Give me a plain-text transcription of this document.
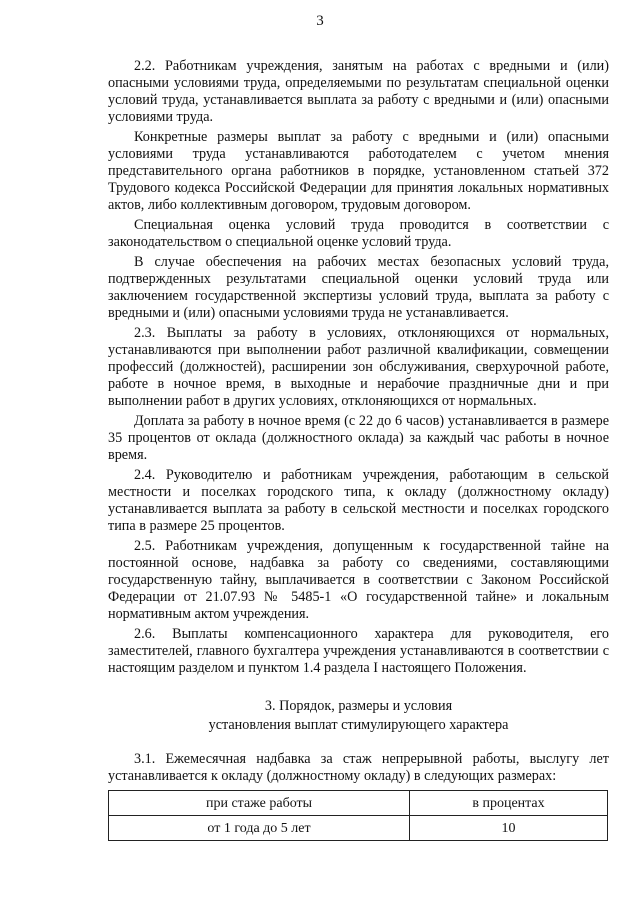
3

2.2. Работникам учреждения, занятым на работах с вредными и (или) опасными условиями труда, определяемыми по результатам специальной оценки условий труда, устанавливается выплата за работу с вредными и (или) опасными условиями труда.

Конкретные размеры выплат за работу с вредными и (или) опасными условиями труда устанавливаются работодателем с учетом мнения представительного органа работников в порядке, установленном статьей 372 Трудового кодекса Российской Федерации для принятия локальных нормативных актов, либо коллективным договором, трудовым договором.

Специальная оценка условий труда проводится в соответствии с законодательством о специальной оценке условий труда.

В случае обеспечения на рабочих местах безопасных условий труда, подтвержденных результатами специальной оценки условий труда или заключением государственной экспертизы условий труда, выплата за работу с вредными и (или) опасными условиями труда не устанавливается.

2.3. Выплаты за работу в условиях, отклоняющихся от нормальных, устанавливаются при выполнении работ различной квалификации, совмещении профессий (должностей), расширении зон обслуживания, сверхурочной работе, работе в ночное время, в выходные и нерабочие праздничные дни и при выполнении работ в других условиях, отклоняющихся от нормальных.

Доплата за работу в ночное время (с 22 до 6 часов) устанавливается в размере 35 процентов от оклада (должностного оклада) за каждый час работы в ночное время.

2.4. Руководителю и работникам учреждения, работающим в сельской местности и поселках городского типа, к окладу (должностному окладу) устанавливается выплата за работу в сельской местности и поселках городского типа в размере 25 процентов.

2.5. Работникам учреждения, допущенным к государственной тайне на постоянной основе, надбавка за работу со сведениями, составляющими государственную тайну, выплачивается в соответствии с Законом Российской Федерации от 21.07.93 № 5485-1 «О государственной тайне» и локальным нормативным актом учреждения.

2.6. Выплаты компенсационного характера для руководителя, его заместителей, главного бухгалтера учреждения устанавливаются в соответствии с настоящим разделом и пунктом 1.4 раздела I настоящего Положения.

3. Порядок, размеры и условия
установления выплат стимулирующего характера

3.1. Ежемесячная надбавка за стаж непрерывной работы, выслугу лет устанавливается к окладу (должностному окладу) в следующих размерах:

при стаже работы	в процентах
от 1 года до 5 лет	10
